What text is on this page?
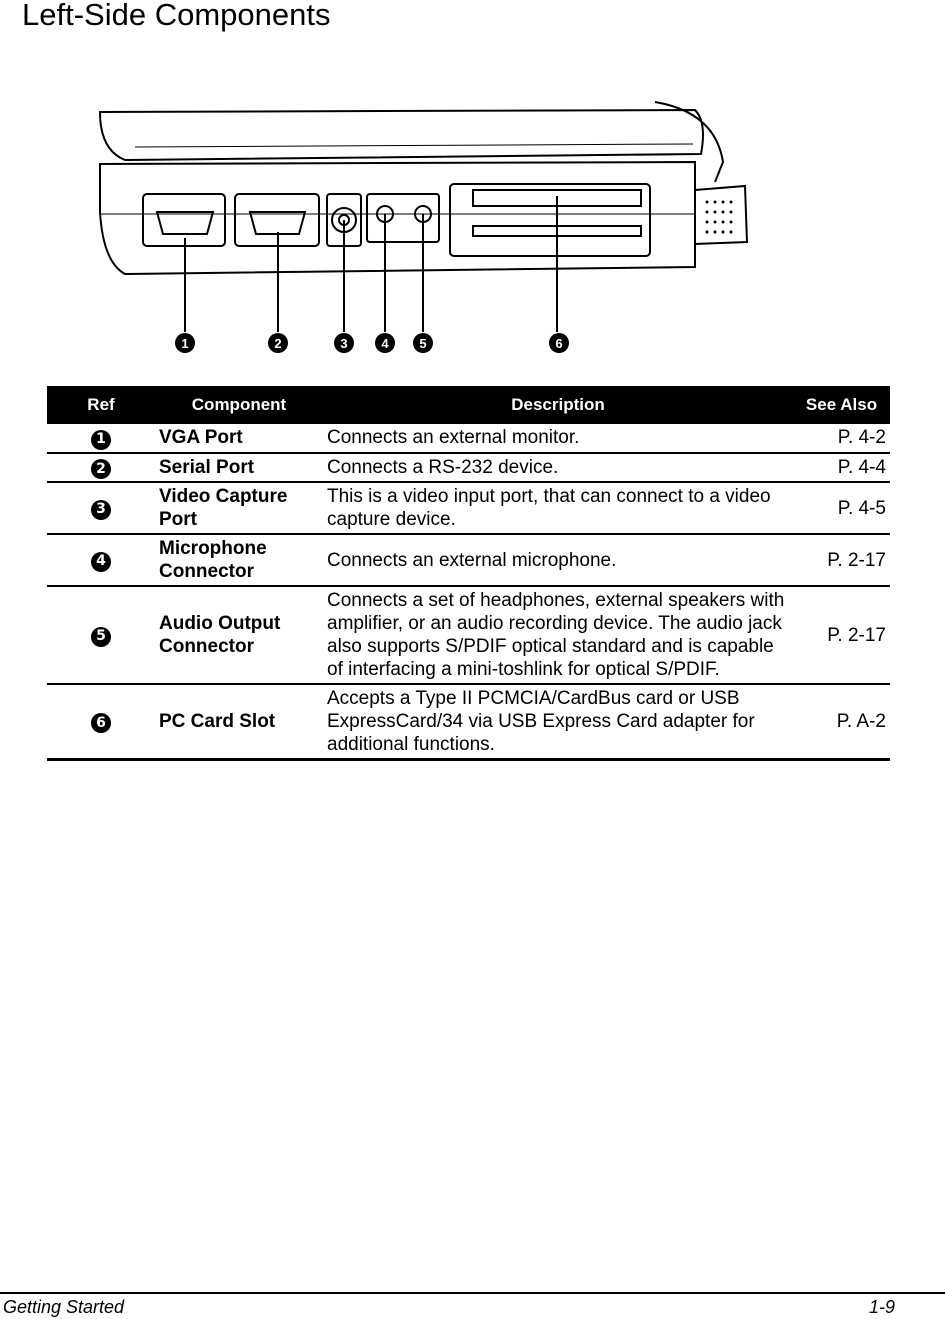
Left-Side Components
1	2	3	4 5	6
Ref	Component	Description	See Also
1	VGA Port	Connects an external monitor.	P. 4-2
2	Serial Port	Connects a RS-232 device.	P. 4-4
3	Video Capture Port	This is a video input port, that can connect to a video capture device.	P. 4-5
4	Microphone Connector	Connects an external microphone.	P. 2-17
5	Audio Output Connector	Connects a set of headphones, external speakers with amplifier, or an audio recording device. The audio jack also supports S/PDIF optical standard and is capable of interfacing a mini-toshlink for optical S/PDIF.	P. 2-17
6	PC Card Slot	Accepts a Type II PCMCIA/CardBus card or USB ExpressCard/34 via USB Express Card adapter for additional functions.	P. A-2
Getting Started	1-9
